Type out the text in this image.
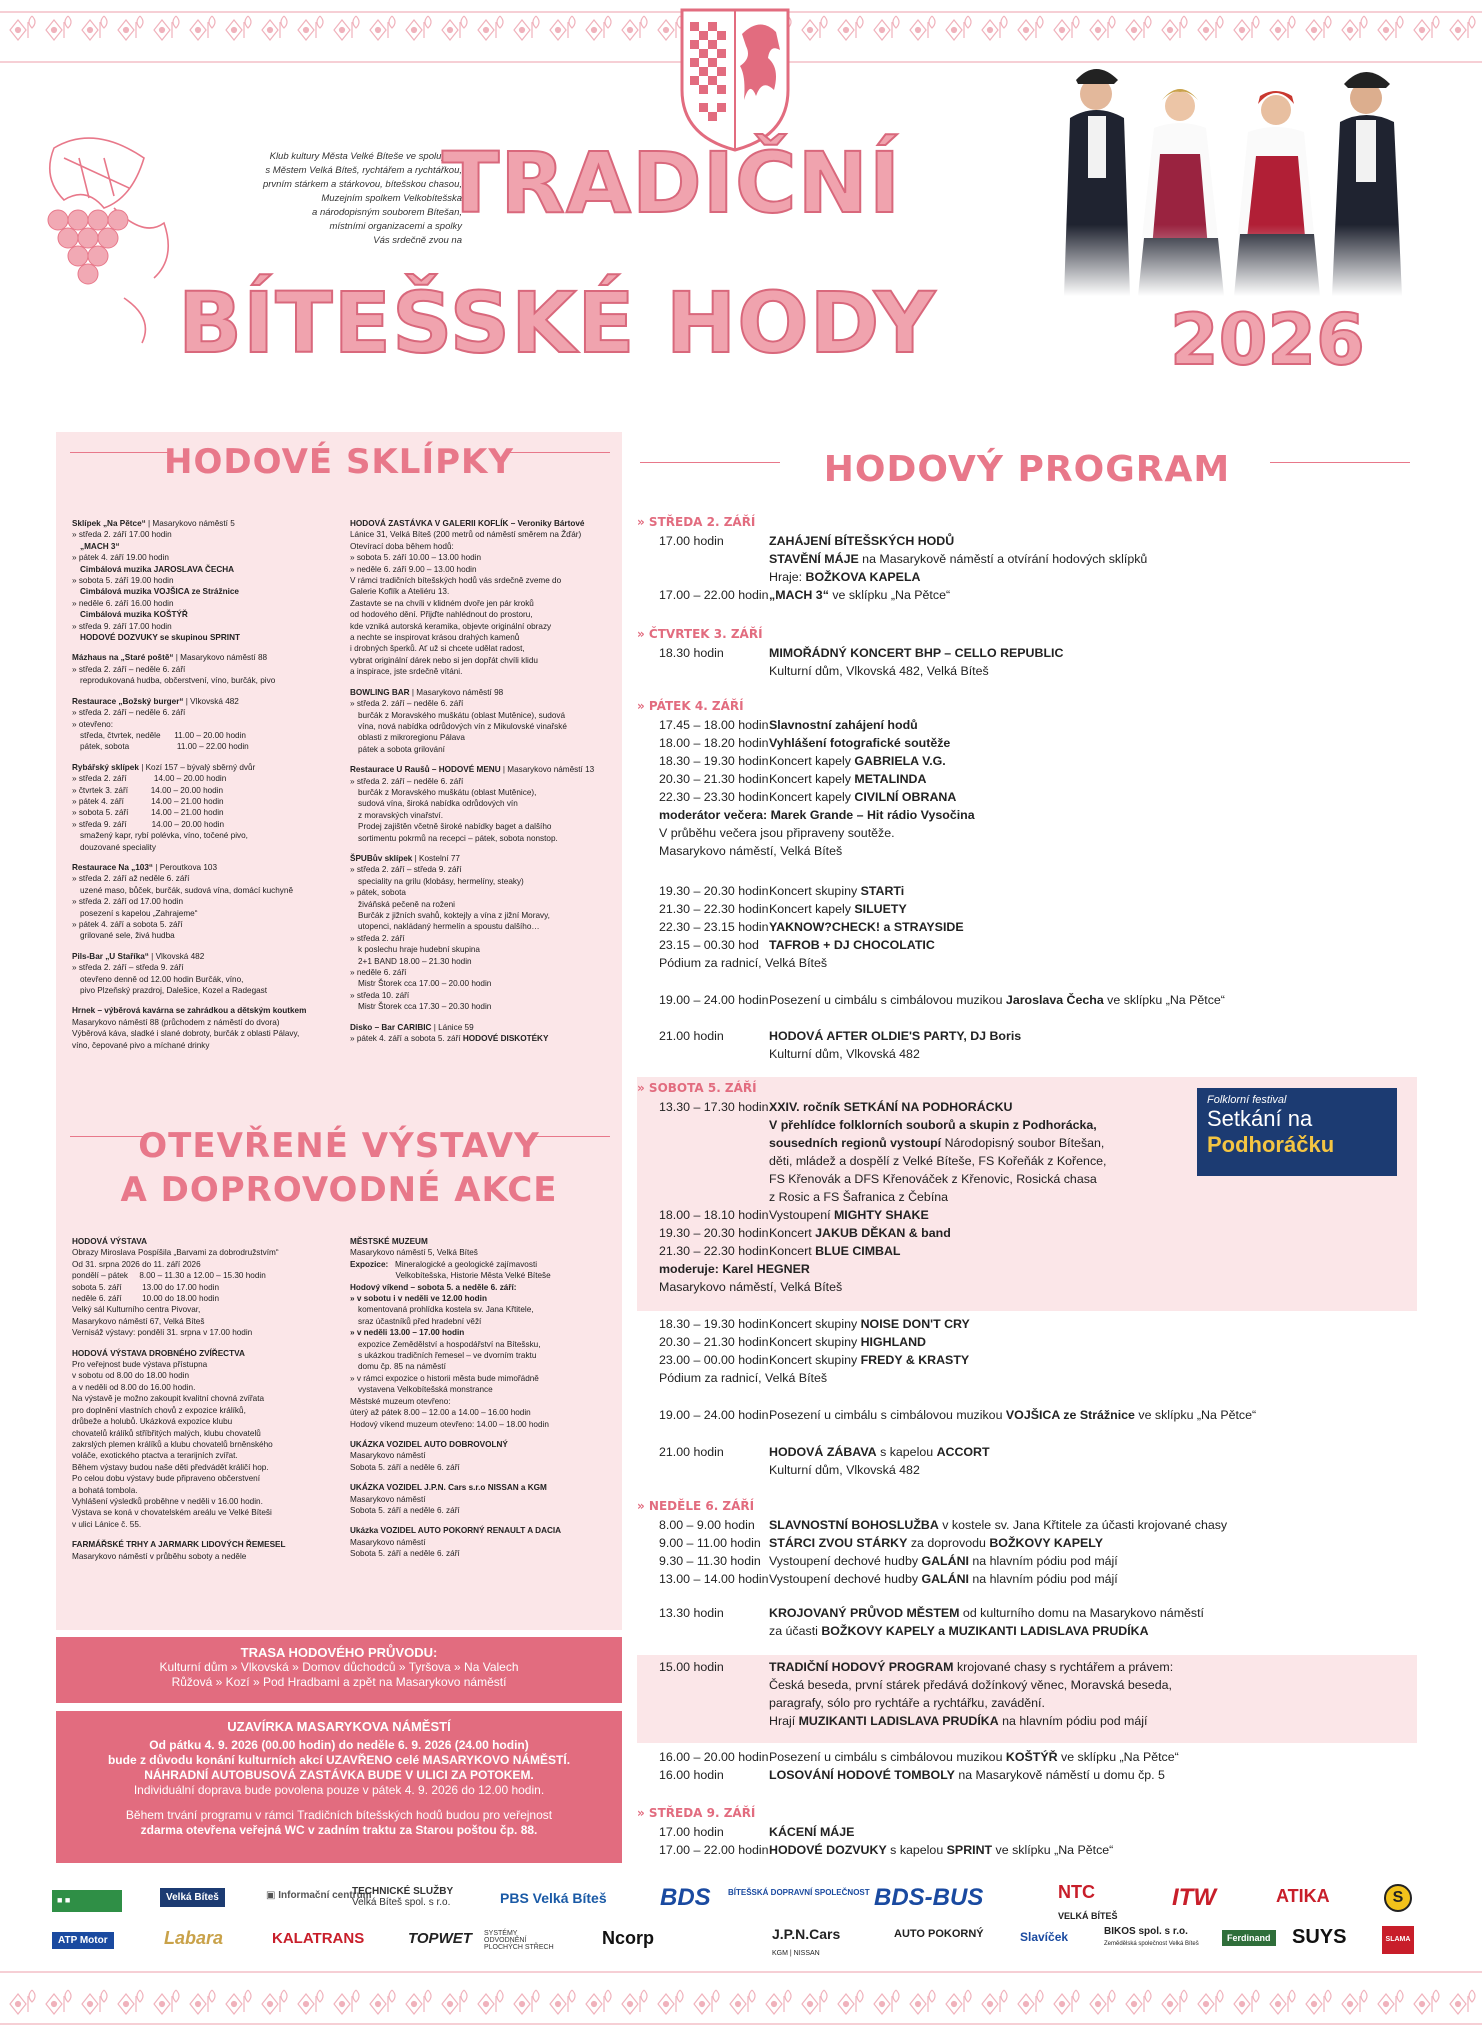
Klub kultury Města Velké Bíteše ve spolupráci
s Městem Velká Bíteš, rychtářem a rychtářkou,
prvním stárkem a stárkovou, bítešskou chasou,
Muzejním spolkem Velkobítešska
a národopisným souborem Bítešan,
místními organizacemi a spolky
Vás srdečně zvou na
TRADIČNÍ
BÍTEŠSKÉ HODY	2026
HODOVÉ SKLÍPKY
Sklípek „Na Pětce“ | Masarykovo náměstí 5
» středa 2. září 17.00 hodin
„MACH 3“
» pátek 4. září 19.00 hodin
Cimbálová muzika JAROSLAVA ČECHA
» sobota 5. září 19.00 hodin
Cimbálová muzika VOJŠICA ze Strážnice
» neděle 6. září 16.00 hodin
Cimbálová muzika KOŠTÝŘ
» středa 9. září 17.00 hodin
HODOVÉ DOZVUKY se skupinou SPRINT
Mázhaus na „Staré poště“ | Masarykovo náměstí 88
» středa 2. září – neděle 6. září
reprodukovaná hudba, občerstvení, víno, burčák, pivo
Restaurace „Božský burger“ | Vlkovská 482
» středa 2. září – neděle 6. září
» otevřeno:
středa, čtvrtek, neděle      11.00 – 20.00 hodin
pátek, sobota                     11.00 – 22.00 hodin
Rybářský sklípek | Kozí 157 – bývalý sběrný dvůr
» středa 2. září            14.00 – 20.00 hodin
» čtvrtek 3. září          14.00 – 20.00 hodin
» pátek 4. září            14.00 – 21.00 hodin
» sobota 5. září          14.00 – 21.00 hodin
» středa 9. září           14.00 – 20.00 hodin
smažený kapr, rybí polévka, víno, točené pivo,
douzované speciality
Restaurace Na „103“ | Peroutkova 103
» středa 2. září až neděle 6. září
uzené maso, bůček, burčák, sudová vína, domácí kuchyně
» středa 2. září od 17.00 hodin
posezení s kapelou „Zahrajeme“
» pátek 4. září a sobota 5. září
grilované sele, živá hudba
Pils-Bar „U Staříka“ | Vlkovská 482
» středa 2. září – středa 9. září
otevřeno denně od 12.00 hodin Burčák, víno,
pivo Plzeňský prazdroj, Dalešice, Kozel a Radegast
Hrnek – výběrová kavárna se zahrádkou a dětským koutkem
Masarykovo náměstí 88 (průchodem z náměstí do dvora)
Výběrová káva, sladké i slané dobroty, burčák z oblasti Pálavy,
víno, čepované pivo a míchané drinky
HODOVÁ ZASTÁVKA V GALERII KOFLÍK – Veroniky Bártové
Lánice 31, Velká Bíteš (200 metrů od náměstí směrem na Žďár)
Otevírací doba během hodů:
» sobota 5. září 10.00 – 13.00 hodin
» neděle 6. září 9.00 – 13.00 hodin
V rámci tradičních bítešských hodů vás srdečně zveme do
Galerie Koflík a Ateliéru 13.
Zastavte se na chvíli v klidném dvoře jen pár kroků
od hodového dění. Přijďte nahlédnout do prostoru,
kde vzniká autorská keramika, objevte originální obrazy
a nechte se inspirovat krásou drahých kamenů
i drobných šperků. Ať už si chcete udělat radost,
vybrat originální dárek nebo si jen dopřát chvíli klidu
a inspirace, jste srdečně vítáni.
BOWLING BAR | Masarykovo náměstí 98
» středa 2. září – neděle 6. září
burčák z Moravského muškátu (oblast Mutěnice), sudová
vína, nová nabídka odrůdových vín z Mikulovské vinařské
oblasti z mikroregionu Pálava
pátek a sobota grilování
Restaurace U Raušů – HODOVÉ MENU | Masarykovo náměstí 13
» středa 2. září – neděle 6. září
burčák z Moravského muškátu (oblast Mutěnice),
sudová vína, široká nabídka odrůdových vín
z moravských vinařství.
Prodej zajištěn včetně široké nabídky baget a dalšího
sortimentu pokrmů na recepci – pátek, sobota nonstop.
ŠPUBův sklípek | Kostelní 77
» středa 2. září – středa 9. září
speciality na grilu (klobásy, hermelíny, steaky)
» pátek, sobota
živáňská pečeně na roženi
Burčák z jižních svahů, koktejly a vína z jižní Moravy,
utopenci, nakládaný hermelín a spoustu dalšího…
» středa 2. září
k poslechu hraje hudební skupina
2+1 BAND 18.00 – 21.30 hodin
» neděle 6. září
Mistr Štorek cca 17.00 – 20.00 hodin
» středa 10. září
Mistr Štorek cca 17.30 – 20.30 hodin
Disko – Bar CARIBIC | Lánice 59
» pátek 4. září a sobota 5. září HODOVÉ DISKOTÉKY
OTEVŘENÉ VÝSTAVY
A DOPROVODNÉ AKCE
HODOVÁ VÝSTAVA
Obrazy Miroslava Pospíšila „Barvami za dobrodružstvím“
Od 31. srpna 2026 do 11. září 2026
pondělí – pátek     8.00 – 11.30 a 12.00 – 15.30 hodin
sobota 5. září         13.00 do 17.00 hodin
neděle 6. září         10.00 do 18.00 hodin
Velký sál Kulturního centra Pivovar,
Masarykovo náměstí 67, Velká Bíteš
Vernisáž výstavy: pondělí 31. srpna v 17.00 hodin
HODOVÁ VÝSTAVA DROBNÉHO ZVÍŘECTVA
Pro veřejnost bude výstava přístupna
v sobotu od 8.00 do 18.00 hodin
a v neděli od 8.00 do 16.00 hodin.
Na výstavě je možno zakoupit kvalitní chovná zvířata
pro doplnění vlastních chovů z expozice králíků,
drůbeže a holubů. Ukázková expozice klubu
chovatelů králíků stříbřitých malých, klubu chovatelů
zakrslých plemen králíků a klubu chovatelů brněnského
voláče, exotického ptactva a terarijních zvířat.
Během výstavy budou naše děti předvádět králičí hop.
Po celou dobu výstavy bude připraveno občerstvení
a bohatá tombola.
Vyhlášení výsledků proběhne v neděli v 16.00 hodin.
Výstava se koná v chovatelském areálu ve Velké Bíteši
v ulici Lánice č. 55.
FARMÁŘSKÉ TRHY A JARMARK LIDOVÝCH ŘEMESEL
Masarykovo náměstí v průběhu soboty a neděle
MĚSTSKÉ MUZEUM
Masarykovo náměstí 5, Velká Bíteš
Expozice:   Mineralogické a geologické zajímavosti
Velkobítešska, Historie Města Velké Bíteše
Hodový víkend – sobota 5. a neděle 6. září:
» v sobotu i v neděli ve 12.00 hodin
komentovaná prohlídka kostela sv. Jana Křtitele,
sraz účastníků před hradební věží
» v neděli 13.00 – 17.00 hodin
expozice Zemědělství a hospodářství na Bítešsku,
s ukázkou tradičních řemesel – ve dvorním traktu
domu čp. 85 na náměstí
» v rámci expozice o historii města bude mimořádně
vystavena Velkobítešská monstrance
Městské muzeum otevřeno:
úterý až pátek 8.00 – 12.00 a 14.00 – 16.00 hodin
Hodový víkend muzeum otevřeno: 14.00 – 18.00 hodin
UKÁZKA VOZIDEL AUTO DOBROVOLNÝ
Masarykovo náměstí
Sobota 5. září a neděle 6. září
UKÁZKA VOZIDEL J.P.N. Cars s.r.o NISSAN a KGM
Masarykovo náměstí
Sobota 5. září a neděle 6. září
Ukázka VOZIDEL AUTO POKORNÝ RENAULT A DACIA
Masarykovo náměstí
Sobota 5. září a neděle 6. září
TRASA HODOVÉHO PRŮVODU:
Kulturní dům » Vlkovská » Domov důchodců » Tyršova » Na Valech
Růžová » Kozí » Pod Hradbami a zpět na Masarykovo náměstí
UZAVÍRKA MASARYKOVA NÁMĚSTÍ
Od pátku 4. 9. 2026 (00.00 hodin) do neděle 6. 9. 2026 (24.00 hodin)
bude z důvodu konání kulturních akcí UZAVŘENO celé MASARYKOVO NÁMĚSTÍ.
NÁHRADNÍ AUTOBUSOVÁ ZASTÁVKA BUDE V ULICI ZA POTOKEM.
Individuální doprava bude povolena pouze v pátek 4. 9. 2026 do 12.00 hodin.
Během trvání programu v rámci Tradičních bítešských hodů budou pro veřejnost
zdarma otevřena veřejná WC v zadním traktu za Starou poštou čp. 88.
HODOVÝ PROGRAM
» STŘEDA 2. ZÁŘÍ
17.00 hodin	ZAHÁJENÍ BÍTEŠSKÝCH HODŮ
STAVĚNÍ MÁJE na Masarykově náměstí a otvírání hodových sklípků
Hraje: BOŽKOVA KAPELA
17.00 – 22.00 hodin „MACH 3“ ve sklípku „Na Pětce“
» ČTVRTEK 3. ZÁŘÍ
18.30 hodin	MIMOŘÁDNÝ KONCERT BHP – CELLO REPUBLIC
Kulturní dům, Vlkovská 482, Velká Bíteš
» PÁTEK 4. ZÁŘÍ
17.45 – 18.00 hodin Slavnostní zahájení hodů
18.00 – 18.20 hodin Vyhlášení fotografické soutěže
18.30 – 19.30 hodin Koncert kapely GABRIELA V.G.
20.30 – 21.30 hodin Koncert kapely METALINDA
22.30 – 23.30 hodin Koncert kapely CIVILNÍ OBRANA
moderátor večera: Marek Grande – Hit rádio Vysočina
V průběhu večera jsou připraveny soutěže.
Masarykovo náměstí, Velká Bíteš
19.30 – 20.30 hodin Koncert skupiny STARTi
21.30 – 22.30 hodin Koncert kapely SILUETY
22.30 – 23.15 hodin YAKNOW?CHECK! a STRAYSIDE
23.15 – 00.30 hod TAFROB + DJ CHOCOLATIC
Pódium za radnicí, Velká Bíteš
19.00 – 24.00 hodin Posezení u cimbálu s cimbálovou muzikou Jaroslava Čecha ve sklípku „Na Pětce“
21.00 hodin	HODOVÁ AFTER OLDIE'S PARTY, DJ Boris
Kulturní dům, Vlkovská 482
» SOBOTA 5. ZÁŘÍ
13.30 – 17.30 hodin XXIV. ročník SETKÁNÍ NA PODHORÁCKU
V přehlídce folklorních souborů a skupin z Podhorácka,
sousedních regionů vystoupí Národopisný soubor Bítešan,
děti, mládež a dospělí z Velké Bíteše, FS Kořeňák z Kořence,
FS Křenovák a DFS Křenováček z Křenovic, Rosická chasa
z Rosic a FS Šafranica z Čebína
18.00 – 18.10 hodin Vystoupení MIGHTY SHAKE
19.30 – 20.30 hodin Koncert JAKUB DĚKAN & band
21.30 – 22.30 hodin Koncert BLUE CIMBAL
moderuje: Karel HEGNER
Masarykovo náměstí, Velká Bíteš
18.30 – 19.30 hodin Koncert skupiny NOISE DON'T CRY
20.30 – 21.30 hodin Koncert skupiny HIGHLAND
23.00 – 00.00 hodin Koncert skupiny FREDY & KRASTY
Pódium za radnicí, Velká Bíteš
19.00 – 24.00 hodin Posezení u cimbálu s cimbálovou muzikou VOJŠICA ze Strážnice ve sklípku „Na Pětce“
21.00 hodin	HODOVÁ ZÁBAVA s kapelou ACCORT
Kulturní dům, Vlkovská 482
» NEDĚLE 6. ZÁŘÍ
8.00 – 9.00 hodin	SLAVNOSTNÍ BOHOSLUŽBA v kostele sv. Jana Křtitele za účasti krojované chasy
9.00 – 11.00 hodin STÁRCI ZVOU STÁRKY za doprovodu BOŽKOVY KAPELY
9.30 – 11.30 hodin Vystoupení dechové hudby GALÁNI na hlavním pódiu pod májí
13.00 – 14.00 hodin Vystoupení dechové hudby GALÁNI na hlavním pódiu pod májí
13.30 hodin	KROJOVANÝ PRŮVOD MĚSTEM od kulturního domu na Masarykovo náměstí
za účasti BOŽKOVY KAPELY a MUZIKANTI LADISLAVA PRUDÍKA
15.00 hodin	TRADIČNÍ HODOVÝ PROGRAM krojované chasy s rychtářem a právem:
Česká beseda, první stárek předává dožínkový věnec, Moravská beseda,
paragrafy, sólo pro rychtáře a rychtářku, zavádění.
Hrají MUZIKANTI LADISLAVA PRUDÍKA na hlavním pódiu pod májí
16.00 – 20.00 hodin Posezení u cimbálu s cimbálovou muzikou KOŠTÝŘ ve sklípku „Na Pětce“
16.00 hodin	LOSOVÁNÍ HODOVÉ TOMBOLY na Masarykově náměstí u domu čp. 5
» STŘEDA 9. ZÁŘÍ
17.00 hodin	KÁCENÍ MÁJE
17.00 – 22.00 hodin HODOVÉ DOZVUKY s kapelou SPRINT ve sklípku „Na Pětce“
Folklorní festival
Setkání na
Podhoráčku
■ ■	Velká Bíteš	▣ Informační centrum
TECHNICKÉ SLUŽBY
Velká Bíteš spol. s r.o.	PBS Velká Bíteš BDS BÍTEŠSKÁ DOPRAVNÍ SPOLEČNOST BDS-BUS	NTC
VELKÁ BÍTEŠ
ITW	ATIKA	S
ATP Motor	Labara	KALATRANS	TOPWET SYSTÉMY ODVODNĚNÍ PLOCHÝCH STŘECH	Ncorp	J.P.N.Cars
KGM | NISSAN
AUTO POKORNÝ	Slavíček	BIKOS spol. s r.o.
Zemědělská společnost Velká Bíteš
Ferdinand SUYS	SLAMA
